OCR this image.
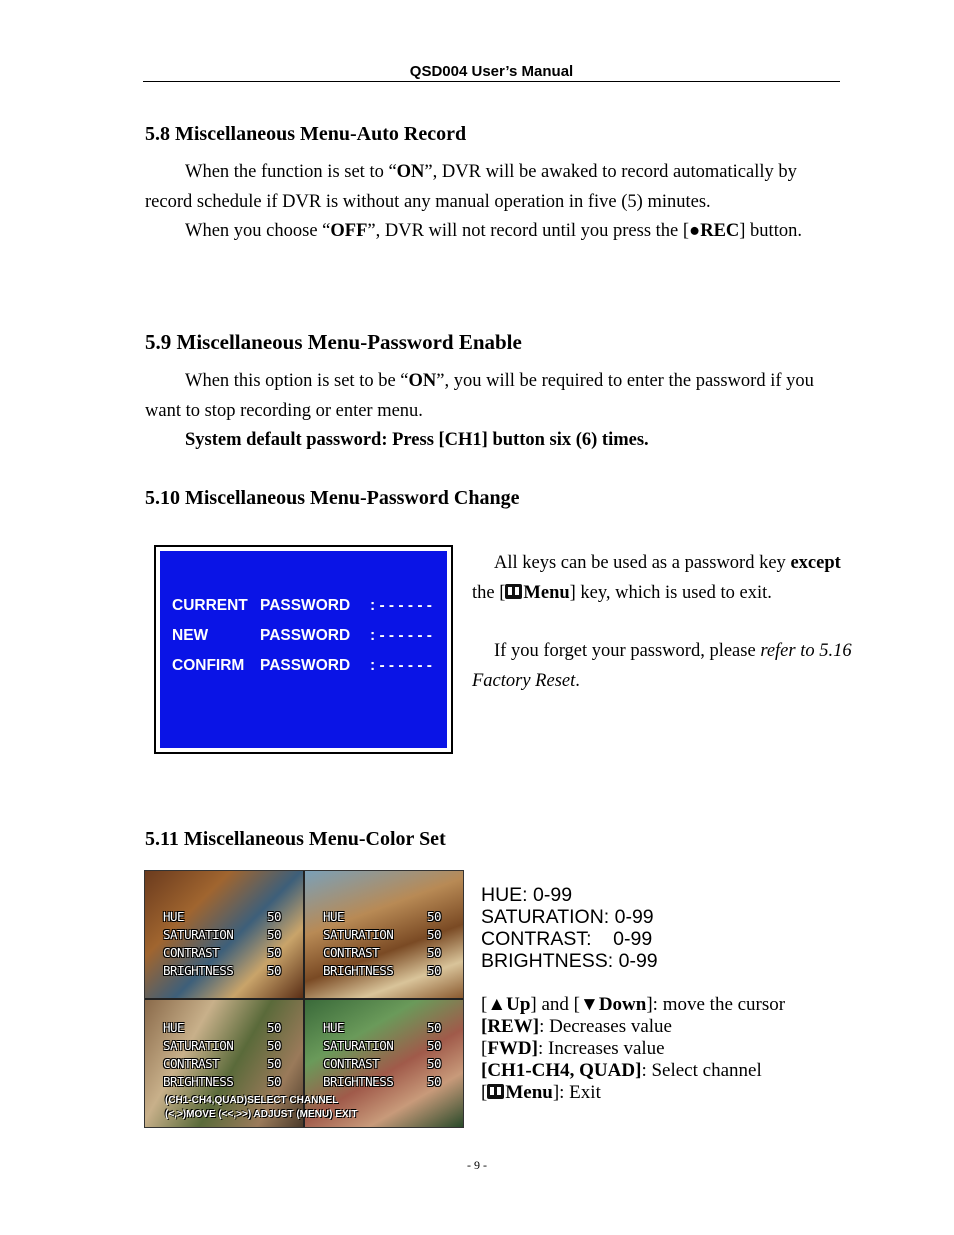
QSD004 User’s Manual
5.8 Miscellaneous Menu-Auto Record

When the function is set to “ON”, DVR will be awaked to record automatically by record schedule if DVR is without any manual operation in five (5) minutes.

When you choose “OFF”, DVR will not record until you press the [●REC] button.

5.9 Miscellaneous Menu-Password Enable

When this option is set to be “ON”, you will be required to enter the password if you want to stop recording or enter menu.

System default password: Press [CH1] button six (6) times.

5.10 Miscellaneous Menu-Password Change
CURRENT PASSWORD : - - - - - -
NEW	PASSWORD : - - - - - -
CONFIRM PASSWORD : - - - - - -

All keys can be used as a password key except the [ Menu] key, which is used to exit.

If you forget your password, please refer to 5.16 Factory Reset.

5.11 Miscellaneous Menu-Color Set
HUE	50
SATURATION	50
CONTRAST	50
BRIGHTNESS	50
HUE	50
SATURATION	50
CONTRAST	50
BRIGHTNESS	50
HUE	50
SATURATION	50
CONTRAST	50
BRIGHTNESS	50
HUE	50
SATURATION	50
CONTRAST	50
BRIGHTNESS	50
(CH1-CH4,QUAD)SELECT CHANNEL
(<,>)MOVE (<<,>>) ADJUST (MENU) EXIT
HUE: 0-99
SATURATION: 0-99
CONTRAST:    0-99
BRIGHTNESS: 0-99
[▲Up] and [▼Down]: move the cursor
[REW]: Decreases value
[FWD]: Increases value
[CH1-CH4, QUAD]: Select channel
[ Menu]: Exit
- 9 -
